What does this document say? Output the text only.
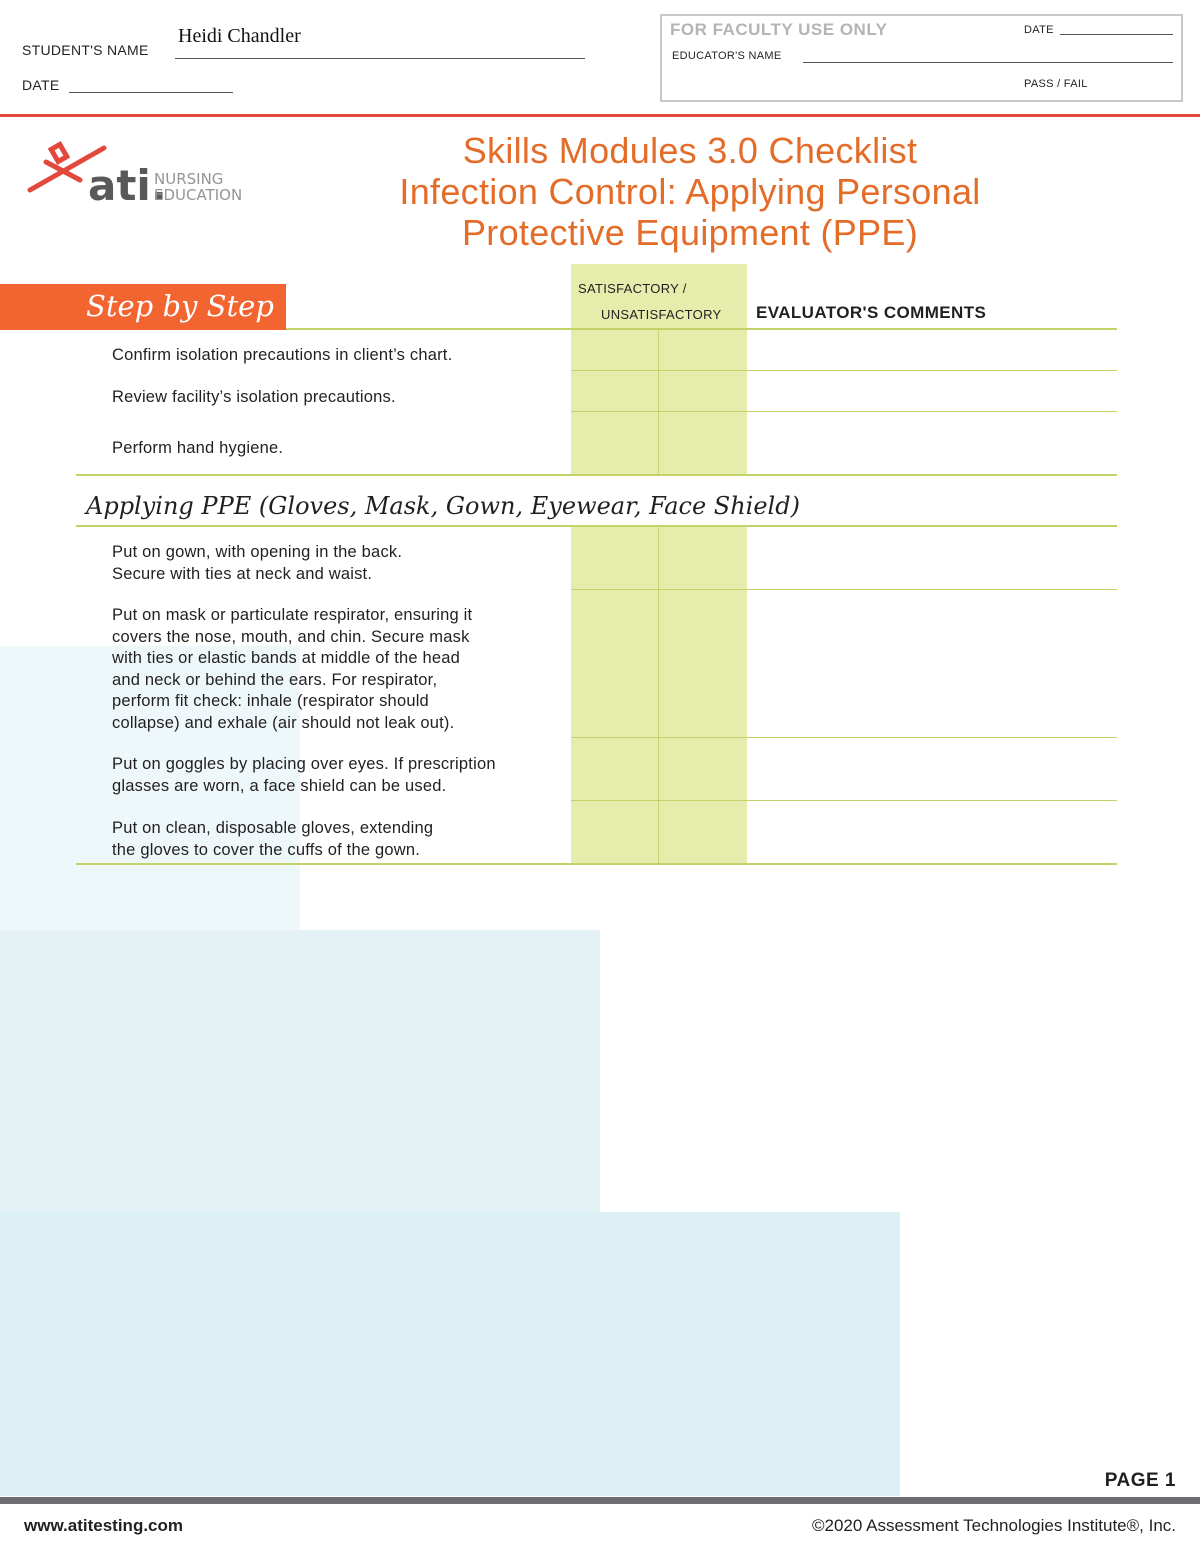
STUDENT'S NAME
Heidi Chandler
DATE
FOR FACULTY USE ONLY	DATE
EDUCATOR'S NAME
PASS / FAIL
ati.
NURSING
EDUCATION
Skills Modules 3.0 Checklist
Infection Control: Applying Personal
Protective Equipment (PPE)
Step by Step
SATISFACTORY /
UNSATISFACTORY EVALUATOR'S COMMENTS
Confirm isolation precautions in client’s chart.
Review facility’s isolation precautions.
Perform hand hygiene.
Applying PPE (Gloves, Mask, Gown, Eyewear, Face Shield)
Put on gown, with opening in the back.
Secure with ties at neck and waist.
Put on mask or particulate respirator, ensuring it
covers the nose, mouth, and chin. Secure mask
with ties or elastic bands at middle of the head
and neck or behind the ears. For respirator,
perform fit check: inhale (respirator should
collapse) and exhale (air should not leak out).
Put on goggles by placing over eyes. If prescription
glasses are worn, a face shield can be used.
Put on clean, disposable gloves, extending
the gloves to cover the cuffs of the gown.
PAGE 1
www.atitesting.com	©2020 Assessment Technologies Institute®, Inc.
